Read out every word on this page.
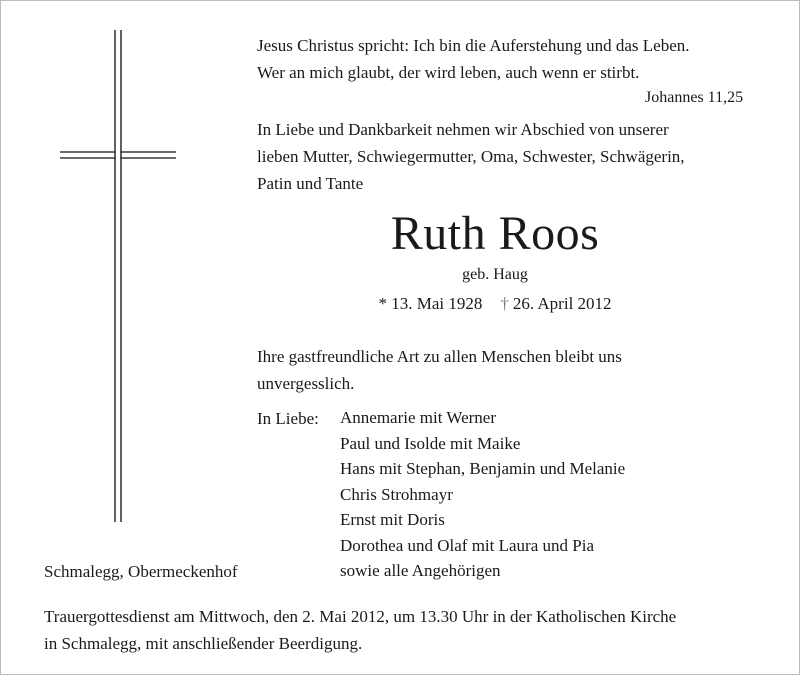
Jesus Christus spricht: Ich bin die Auferstehung und das Leben.
Wer an mich glaubt, der wird leben, auch wenn er stirbt.
Johannes 11,25
In Liebe und Dankbarkeit nehmen wir Abschied von unserer
lieben Mutter, Schwiegermutter, Oma, Schwester, Schwägerin,
Patin und Tante
Ruth Roos
geb. Haug
* 13. Mai 1928 † 26. April 2012
Ihre gastfreundliche Art zu allen Menschen bleibt uns
unvergesslich.
In Liebe: Annemarie mit Werner
Paul und Isolde mit Maike
Hans mit Stephan, Benjamin und Melanie
Chris Strohmayr
Ernst mit Doris
Dorothea und Olaf mit Laura und Pia
sowie alle Angehörigen
Schmalegg, Obermeckenhof
Trauergottesdienst am Mittwoch, den 2. Mai 2012, um 13.30 Uhr in der Katholischen Kirche
in Schmalegg, mit anschließender Beerdigung.
